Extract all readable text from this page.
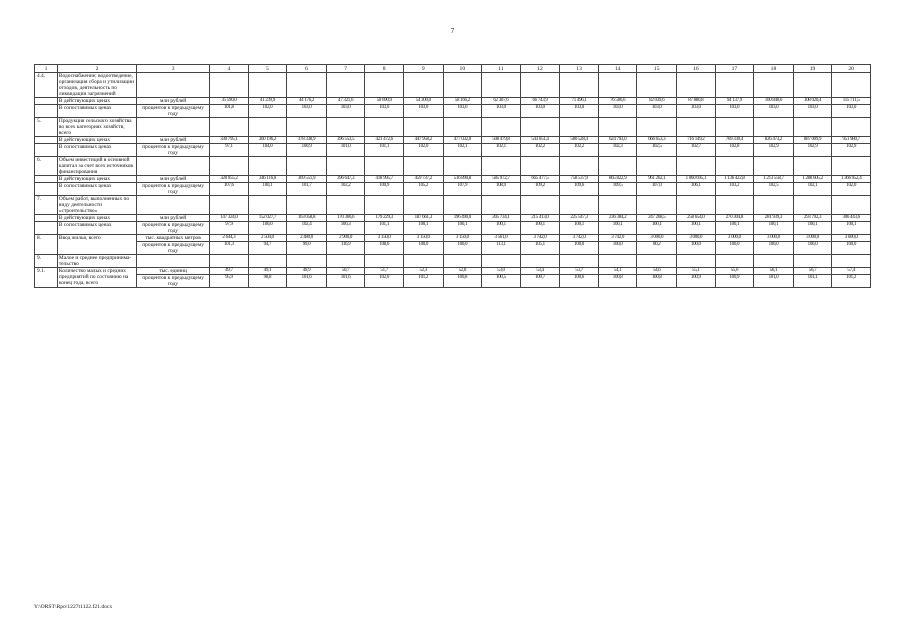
7
1	2	3	4	5	6	7	8	9	10	11	12	13	14	15	16	17	18	19	20
4.4.	Водоснабжение; водоотведение, организация сбора и утилизации отходов, деятельность по ликвидации загрязнений																		
	В действующих ценах	млн рублей	35 590,0	41 239,9	44 176,2	47 321,6	50 690,9	54 300,0	58 166,2	62 307,6	66 743,9	71 496,1	76 586,6	82 039,6	87 880,8	94 137,9	100 840,6	108 020,4	115 711,5
	В сопоставимых ценах	процентов к предыдущему году	101,8	102,0	103,0	103,0	103,0	103,0	103,0	103,0	103,0	103,0	103,0	103,0	103,0	103,0	103,0	103,0	103,0
5.	Продукция сельского хозяйства во всех категориях хозяйств, всего																		
	В действующих ценах	млн рублей	330 795,1	360 196,2	378 338,9	396 553,5	421 472,6	447 958,2	477 032,0	508 479,8	543 051,4	580 528,4	624 793,0	666 653,3	716 149,2	769 330,4	826 473,2	887 009,9	951 980,7
	В сопоставимых ценах	процентов к предыдущему году	97,1	104,0	100,9	101,0	101,1	102,0	102,1	102,1	102,2	102,2	102,3	102,5	102,7	102,8	102,9	102,9	102,9
6.	Объем инвестиций в основной капитал за счет всех источников финансирования																		
	В действующих ценах	млн рублей	328 055,2	346 116,0	369 551,9	396 647,3	418 995,7	459 737,2	516 890,8	585 972,7	665 477,5	758 537,9	865 822,9	961 262,1	1 060 695,1	1 136 422,8	1 213 558,7	1 288 605,2	1 366 952,4
	В сопоставимых ценах	процентов к предыдущему году	107,6	100,1	101,7	102,2	100,9	105,2	107,9	108,9	109,2	109,6	109,5	107,0	106,1	103,2	102,5	102,1	102,0
7.	Объем работ, выполненных по виду деятельности «строительство»																		
	В действующих ценах	млн рублей	147 324,0	152 027,7	163 058,8	170 366,6	179 229,3	187 661,3	196 490,0	205 734,1	215 413,0	225 547,3	236 384,2	247 268,5	258 654,0	270 304,8	281 939,3	293 792,3	306 443,6
	В сопоставимых ценах	процентов к предыдущему году	97,9	100,0	102,4	100,3	101,1	100,1	100,1	100,1	100,1	100,1	100,1	100,1	100,1	100,1	100,1	100,1	100,1
8.	Ввод жилья, всего	тыс. квадратных метров	2 644,3	2 504,0	2 480,0	2 900,0	3 150,0	3 150,0	3 150,0	3 561,0	3 742,0	3 742,0	3 742,0	3 000,0	3 000,0	3 000,0	3 000,0	3 000,0	3 000,0
		процентов к предыдущему году	101,3	94,7	99,0	116,9	108,6	100,0	100,0	113,1	105,1	100,0	100,0	80,2	100,0	100,0	100,0	100,0	100,0
9.	Малое и среднее предпринима-тельство																		
9.1.	Количество малых и средних предприятий по состоянию на конец года, всего	тыс. единиц	49,7	49,1	49,9	50,7	51,7	52,3	52,8	53,0	53,4	53,7	54,1	54,6	55,1	55,6	56,1	56,7	57,4
		процентов к предыдущему году	95,9	98,8	101,6	101,6	102,0	101,2	100,8	100,5	100,7	100,6	100,8	100,8	100,9	100,9	101,0	101,1	101,2
Y:\ORST\Rpo\1227t1122.f21.docx
